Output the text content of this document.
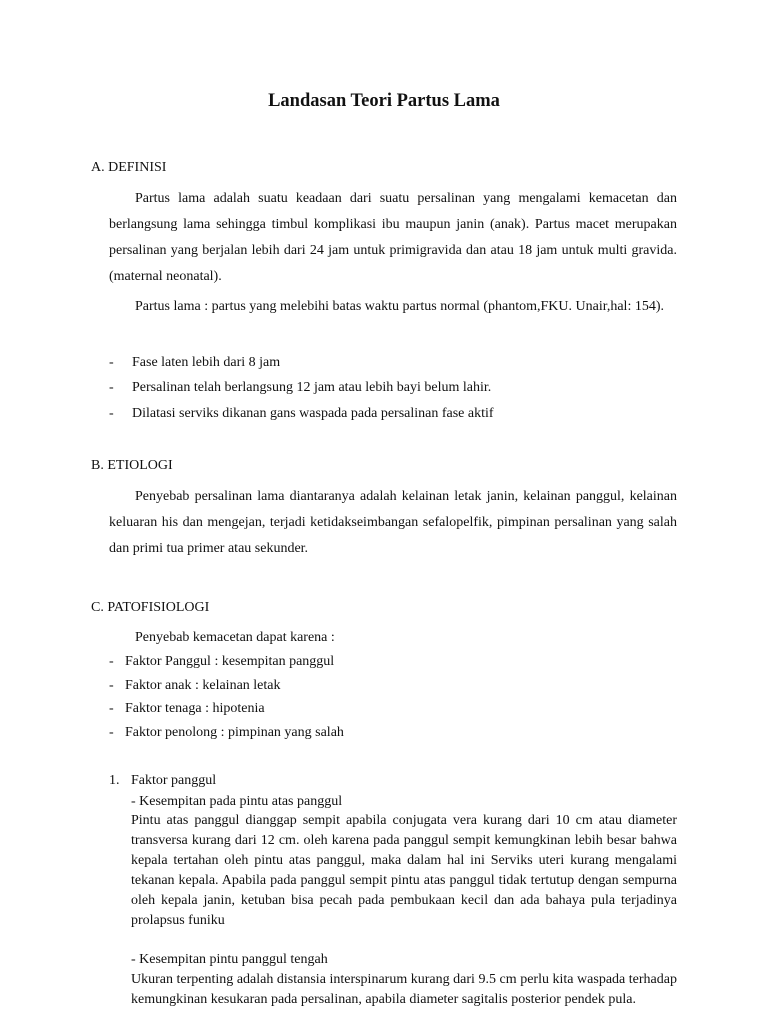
Landasan Teori Partus Lama
A. DEFINISI

Partus lama adalah suatu keadaan dari suatu persalinan yang mengalami kemacetan dan berlangsung lama sehingga timbul komplikasi ibu maupun janin (anak). Partus macet merupakan persalinan yang berjalan lebih dari 24 jam untuk primigravida dan atau 18 jam untuk multi gravida.(maternal neonatal).

Partus lama : partus yang melebihi batas waktu partus normal (phantom,FKU. Unair,hal: 154).

- Fase laten lebih dari 8 jam
- Persalinan telah berlangsung 12 jam atau lebih bayi belum lahir.
- Dilatasi serviks dikanan gans waspada pada persalinan fase aktif
B. ETIOLOGI

Penyebab persalinan lama diantaranya adalah kelainan letak janin, kelainan panggul, kelainan keluaran his dan mengejan, terjadi ketidakseimbangan sefalopelfik, pimpinan persalinan yang salah dan primi tua primer atau sekunder.

C. PATOFISIOLOGI
Penyebab kemacetan dapat karena :
- Faktor Panggul : kesempitan panggul
- Faktor anak : kelainan letak
- Faktor tenaga : hipotenia
- Faktor penolong : pimpinan yang salah
1. Faktor panggul
- Kesempitan pada pintu atas panggul

Pintu atas panggul dianggap sempit apabila conjugata vera kurang dari 10 cm atau diameter transversa kurang dari 12 cm. oleh karena pada panggul sempit kemungkinan lebih besar bahwa kepala tertahan oleh pintu atas panggul, maka dalam hal ini Serviks uteri kurang mengalami tekanan kepala. Apabila pada panggul sempit pintu atas panggul tidak tertutup dengan sempurna oleh kepala janin, ketuban bisa pecah pada pembukaan kecil dan ada bahaya pula terjadinya prolapsus funiku

- Kesempitan pintu panggul tengah

Ukuran terpenting adalah distansia interspinarum kurang dari 9.5 cm perlu kita waspada terhadap kemungkinan kesukaran pada persalinan, apabila diameter sagitalis posterior pendek pula.
